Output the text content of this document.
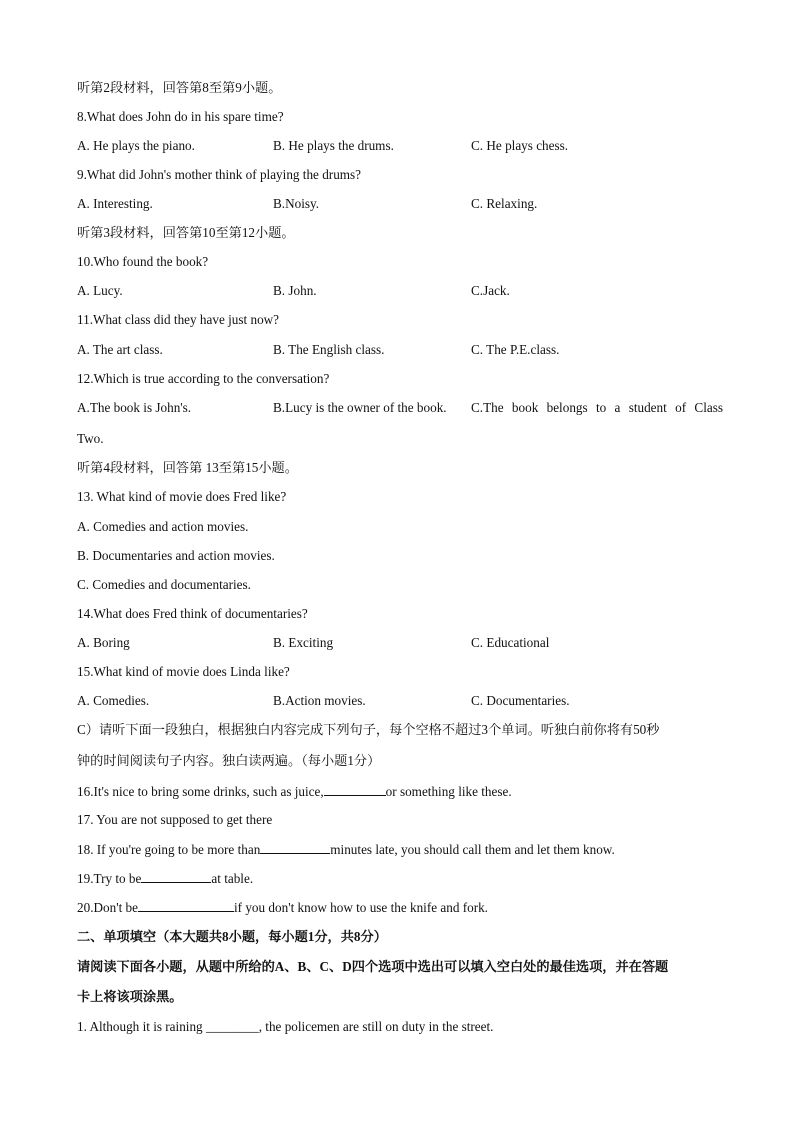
听第2段材料，回答第8至第9小题。
8.What does John do in his spare time?
A. He plays the piano.	B. He plays the drums.	C. He plays chess.
9.What did John's mother think of playing the drums?
A. Interesting.	B.Noisy.	C. Relaxing.
听第3段材料，回答第10至第12小题。
10.Who found the book?
A. Lucy.	B. John.	C.Jack.
11.What class did they have just now?
A. The art class.	B. The English class.	C. The P.E.class.
12.Which is true according to the conversation?
A.The book is John's.	B.Lucy is the owner of the book. C.The book belongs to a student of Class
Two.
听第4段材料，回答第 13至第15小题。
13. What kind of movie does Fred like?
A. Comedies and action movies.
B. Documentaries and action movies.
C. Comedies and documentaries.
14.What does Fred think of documentaries?
A. Boring	B. Exciting	C. Educational
15.What kind of movie does Linda like?
A. Comedies.	B.Action movies.	C. Documentaries.
C）请听下面一段独白，根据独白内容完成下列句子，每个空格不超过3个单词。听独白前你将有50秒
钟的时间阅读句子内容。独白读两遍。（每小题1分）
16.It's nice to bring some drinks, such as juice,	or something like these.
17. You are not supposed to get there
18. If you're going to be more than	minutes late, you should call them and let them know.
19.Try to be	at table.
20.Don't be	if you don't know how to use the knife and fork.
二、单项填空（本大题共8小题，每小题1分，共8分）
请阅读下面各小题，从题中所给的A、B、C、D四个选项中选出可以填入空白处的最佳选项，并在答题
卡上将该项涂黑。
1. Although it is raining ________, the policemen are still on duty in the street.
